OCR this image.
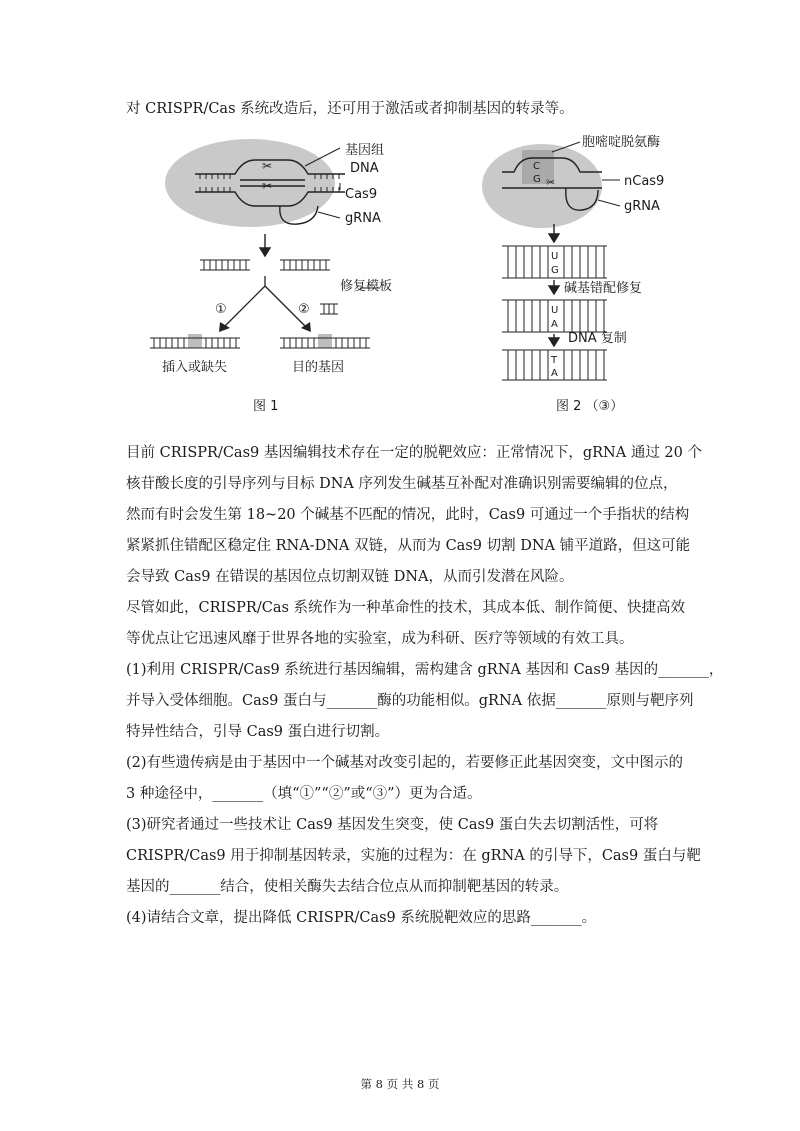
对 CRISPR/Cas 系统改造后，还可用于激活或者抑制基因的转录等。
✂
✂
基因组
DNA
Cas9
gRNA
①	②
修复模板
插入或缺失	目的基因
图 1
C
G ✂
胞嘧啶脱氨酶
nCas9
gRNA
U
G
碱基错配修复
U
A
DNA 复制
T
A
图 2 （③）
目前 CRISPR/Cas9 基因编辑技术存在一定的脱靶效应：正常情况下，gRNA 通过 20 个
核苷酸长度的引导序列与目标 DNA 序列发生碱基互补配对准确识别需要编辑的位点，
然而有时会发生第 18~20 个碱基不匹配的情况，此时，Cas9 可通过一个手指状的结构
紧紧抓住错配区稳定住 RNA-DNA 双链，从而为 Cas9 切割 DNA 铺平道路，但这可能
会导致 Cas9 在错误的基因位点切割双链 DNA，从而引发潜在风险。
尽管如此，CRISPR/Cas 系统作为一种革命性的技术，其成本低、制作简便、快捷高效
等优点让它迅速风靡于世界各地的实验室，成为科研、医疗等领域的有效工具。
(1)利用 CRISPR/Cas9 系统进行基因编辑，需构建含 gRNA 基因和 Cas9 基因的_______，
并导入受体细胞。Cas9 蛋白与_______酶的功能相似。gRNA 依据_______原则与靶序列
特异性结合，引导 Cas9 蛋白进行切割。
(2)有些遗传病是由于基因中一个碱基对改变引起的，若要修正此基因突变，文中图示的
3 种途径中，_______（填“①”“②”或“③”）更为合适。
(3)研究者通过一些技术让 Cas9 基因发生突变，使 Cas9 蛋白失去切割活性，可将
CRISPR/Cas9 用于抑制基因转录，实施的过程为：在 gRNA 的引导下，Cas9 蛋白与靶
基因的_______结合，使相关酶失去结合位点从而抑制靶基因的转录。
(4)请结合文章，提出降低 CRISPR/Cas9 系统脱靶效应的思路_______。
第 8 页 共 8 页
